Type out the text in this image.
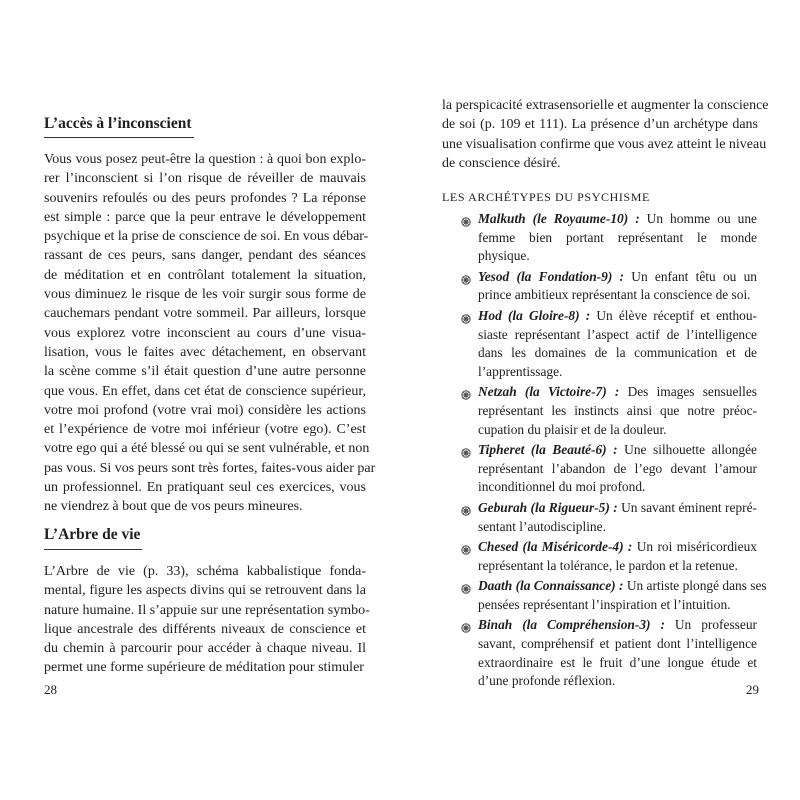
L’accès à l’inconscient
Vous vous posez peut-être la question : à quoi bon explo-
rer l’inconscient si l’on risque de réveiller de mauvais
souvenirs refoulés ou des peurs profondes ? La réponse
est simple : parce que la peur entrave le développement
psychique et la prise de conscience de soi. En vous débar-
rassant de ces peurs, sans danger, pendant des séances
de méditation et en contrôlant totalement la situation,
vous diminuez le risque de les voir surgir sous forme de
cauchemars pendant votre sommeil. Par ailleurs, lorsque
vous explorez votre inconscient au cours d’une visua-
lisation, vous le faites avec détachement, en observant
la scène comme s’il était question d’une autre personne
que vous. En effet, dans cet état de conscience supérieur,
votre moi profond (votre vrai moi) considère les actions
et l’expérience de votre moi inférieur (votre ego). C’est
votre ego qui a été blessé ou qui se sent vulnérable, et non
pas vous. Si vos peurs sont très fortes, faites-vous aider par
un professionnel. En pratiquant seul ces exercices, vous
ne viendrez à bout que de vos peurs mineures.
L’Arbre de vie
L’Arbre de vie (p. 33), schéma kabbalistique fonda-
mental, figure les aspects divins qui se retrouvent dans la
nature humaine. Il s’appuie sur une représentation symbo-
lique ancestrale des différents niveaux de conscience et
du chemin à parcourir pour accéder à chaque niveau. Il
permet une forme supérieure de méditation pour stimuler
28
la perspicacité extrasensorielle et augmenter la conscience
de soi (p. 109 et 111). La présence d’un archétype dans
une visualisation confirme que vous avez atteint le niveau
de conscience désiré.
LES ARCHÉTYPES DU PSYCHISME
Malkuth (le Royaume-10) : Un homme ou une
femme bien portant représentant le monde
physique.
Yesod (la Fondation-9) : Un enfant têtu ou un
prince ambitieux représentant la conscience de soi.
Hod (la Gloire-8) : Un élève réceptif et enthou-
siaste représentant l’aspect actif de l’intelligence
dans les domaines de la communication et de
l’apprentissage.
Netzah (la Victoire-7) : Des images sensuelles
représentant les instincts ainsi que notre préoc-
cupation du plaisir et de la douleur.
Tipheret (la Beauté-6) : Une silhouette allongée
représentant l’abandon de l’ego devant l’amour
inconditionnel du moi profond.
Geburah (la Rigueur-5) : Un savant éminent repré-
sentant l’autodiscipline.
Chesed (la Miséricorde-4) : Un roi miséricordieux
représentant la tolérance, le pardon et la retenue.
Daath (la Connaissance) : Un artiste plongé dans ses
pensées représentant l’inspiration et l’intuition.
Binah (la Compréhension-3) : Un professeur
savant, compréhensif et patient dont l’intelligence
extraordinaire est le fruit d’une longue étude et
d’une profonde réflexion.
29
